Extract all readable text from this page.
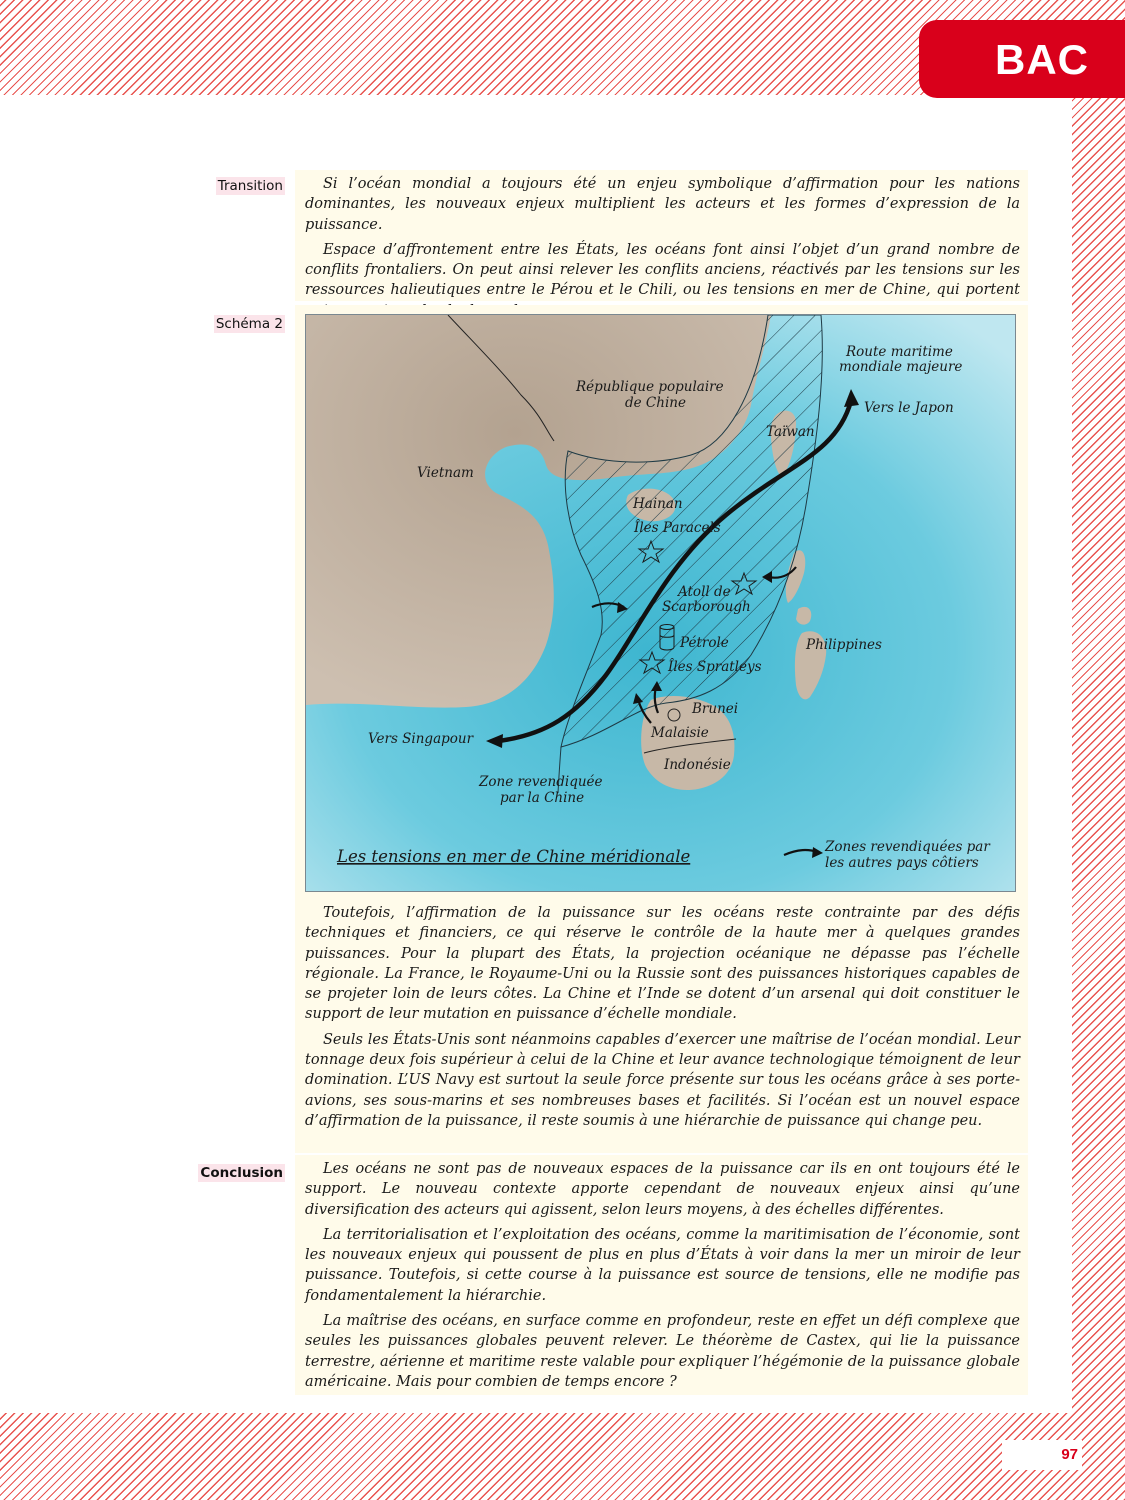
BAC
97
Transition	Si l’océan mondial a toujours été un enjeu symbolique d’affirmation pour les nations dominantes, les nouveaux enjeux multiplient les acteurs et les formes d’expression de la puissance.

Espace d’affrontement entre les États, les océans font ainsi l’objet d’un grand nombre de conflits frontaliers. On peut ainsi relever les conflits anciens, réactivés par les tensions sur les ressources halieutiques entre le Pérou et le Chili, ou les tensions en mer de Chine, qui portent

Schéma 2

Toutefois, l’affirmation de la puissance sur les océans reste contrainte par des défis techniques et financiers, ce qui réserve le contrôle de la haute mer à quelques grandes puissances. Pour la plupart des États, la projection océanique ne dépasse pas l’échelle régionale. La France, le Royaume-Uni ou la Russie sont des puissances historiques capables de se projeter loin de leurs côtes. La Chine et l’Inde se dotent d’un arsenal qui doit constituer le support de leur mutation en puissance d’échelle mondiale.

Seuls les États-Unis sont néanmoins capables d’exercer une maîtrise de l’océan mondial. Leur tonnage deux fois supérieur à celui de la Chine et leur avance technologique témoignent de leur domination. L’US Navy est surtout la seule force présente sur tous les océans grâce à ses porte-avions, ses sous-marins et ses nombreuses bases et facilités. Si l’océan est un nouvel espace d’affirmation de la puissance, il reste soumis à une hiérarchie de puissance qui change peu.

République populaire
de Chine
Vietnam
Taïwan
Hainan
Îles Paracels
Atoll de
Scarborough
Pétrole
Îles Spratleys
Philippines
Brunei
Malaisie
Indonésie
Vers Singapour
Vers le Japon
Route maritime
mondiale majeure
Zone revendiquée
par la Chine
Les tensions en mer de Chine méridionale	Zones revendiquées par
les autres pays côtiers
Conclusion	Les océans ne sont pas de nouveaux espaces de la puissance car ils en ont toujours été le support. Le nouveau contexte apporte cependant de nouveaux enjeux ainsi qu’une diversification des acteurs qui agissent, selon leurs moyens, à des échelles différentes.

La territorialisation et l’exploitation des océans, comme la maritimisation de l’économie, sont les nouveaux enjeux qui poussent de plus en plus d’États à voir dans la mer un miroir de leur puissance. Toutefois, si cette course à la puissance est source de tensions, elle ne modifie pas fondamentalement la hiérarchie.

La maîtrise des océans, en surface comme en profondeur, reste en effet un défi complexe que seules les puissances globales peuvent relever. Le théorème de Castex, qui lie la puissance terrestre, aérienne et maritime reste valable pour expliquer l’hégémonie de la puissance globale américaine. Mais pour combien de temps encore ?
